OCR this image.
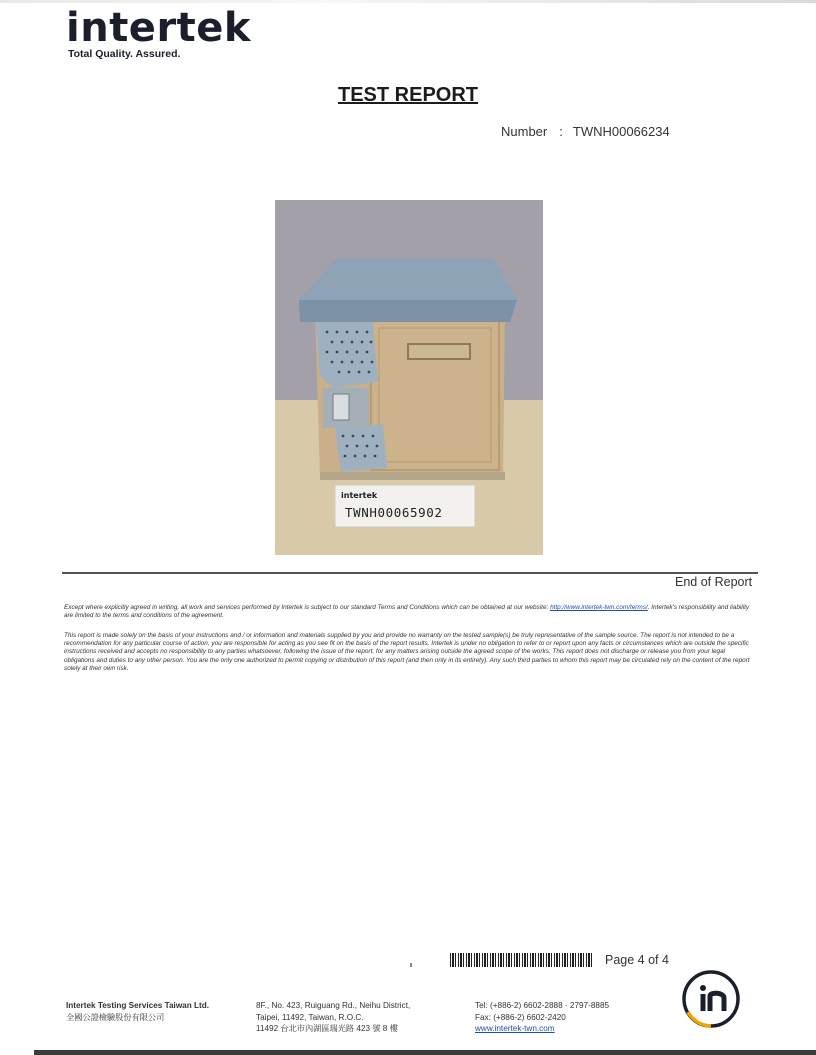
intertek
Total Quality. Assured.
TEST REPORT
Number : TWNH00066234
intertek
TWNH00065902
End of Report
Except where explicitly agreed in writing, all work and services performed by Intertek is subject to our standard Terms and Conditions which can be obtained at our website: http://www.intertek-twn.com/terms/. Intertek's responsibility and liability are limited to the terms and conditions of the agreement.
This report is made solely on the basis of your instructions and / or information and materials supplied by you and provide no warranty on the tested sample(s) be truly representative of the sample source. The report is not intended to be a recommendation for any particular course of action, you are responsible for acting as you see fit on the basis of the report results. Intertek is under no obligation to refer to or report upon any facts or circumstances which are outside the specific instructions received and accepts no responsibility to any parties whatsoever, following the issue of the report, for any matters arising outside the agreed scope of the works. This report does not discharge or release you from your legal obligations and duties to any other person. You are the only one authorized to permit copying or distribution of this report (and then only in its entirety). Any such third parties to whom this report may be circulated rely on the content of the report solely at their own risk.
Page 4 of 4
Intertek Testing Services Taiwan Ltd.
全國公證檢驗股份有限公司
8F., No. 423, Ruiguang Rd., Neihu District,
Taipei, 11492, Taiwan, R.O.C.
11492 台北市內湖區瑞光路 423 號 8 樓
Tel: (+886-2) 6602-2888 · 2797-8885
Fax: (+886-2) 6602-2420
www.intertek-twn.com
